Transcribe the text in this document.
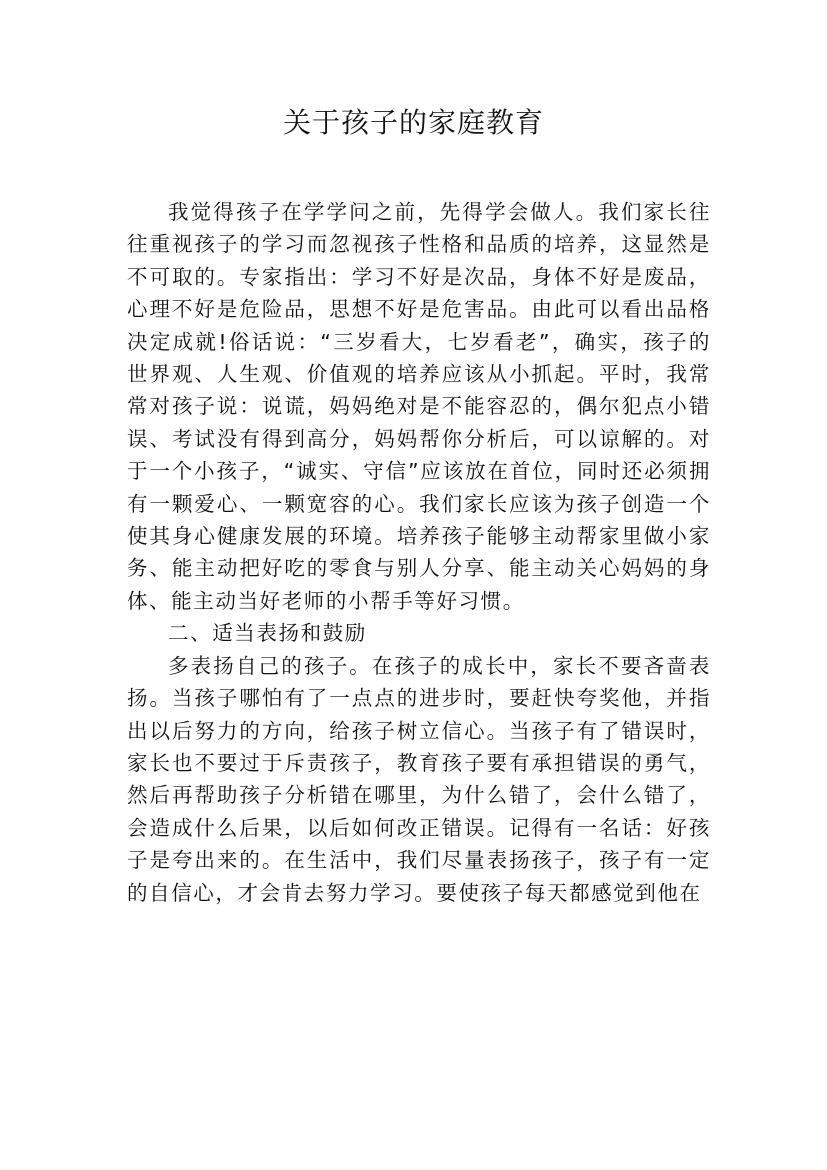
关于孩子的家庭教育

我觉得孩子在学学问之前，先得学会做人。我们家长往往重视孩子的学习而忽视孩子性格和品质的培养，这显然是不可取的。专家指出：学习不好是次品，身体不好是废品，心理不好是危险品，思想不好是危害品。由此可以看出品格决定成就!俗话说：“三岁看大，七岁看老”，确实，孩子的世界观、人生观、价值观的培养应该从小抓起。平时，我常常对孩子说：说谎，妈妈绝对是不能容忍的，偶尔犯点小错误、考试没有得到高分，妈妈帮你分析后，可以谅解的。对于一个小孩子，“诚实、守信”应该放在首位，同时还必须拥有一颗爱心、一颗宽容的心。我们家长应该为孩子创造一个使其身心健康发展的环境。培养孩子能够主动帮家里做小家务、能主动把好吃的零食与别人分享、能主动关心妈妈的身体、能主动当好老师的小帮手等好习惯。

二、适当表扬和鼓励

多表扬自己的孩子。在孩子的成长中，家长不要吝啬表扬。当孩子哪怕有了一点点的进步时，要赶快夸奖他，并指出以后努力的方向，给孩子树立信心。当孩子有了错误时，家长也不要过于斥责孩子，教育孩子要有承担错误的勇气，然后再帮助孩子分析错在哪里，为什么错了，会什么错了，会造成什么后果，以后如何改正错误。记得有一名话：好孩子是夸出来的。在生活中，我们尽量表扬孩子，孩子有一定的自信心，才会肯去努力学习。要使孩子每天都感觉到他在
